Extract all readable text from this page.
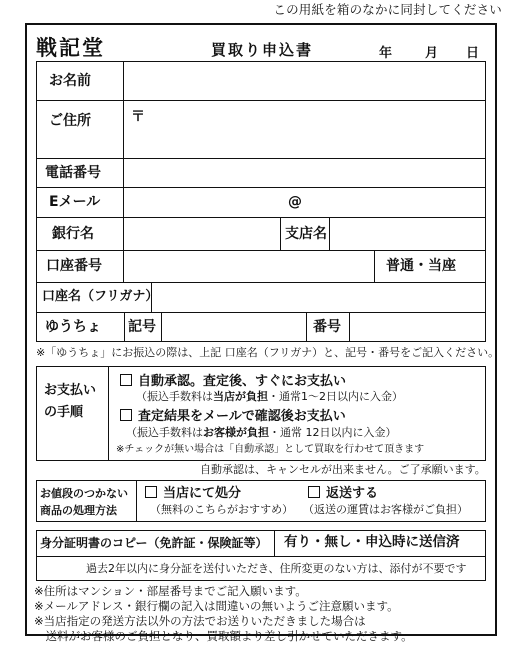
この用紙を箱のなかに同封してください
戦記堂	買取り申込書	年	月 日
お名前
ご住所	〒
電話番号
Eメール	@
銀行名	支店名
口座番号	普通・当座
口座名（フリガナ）
ゆうちょ 記号	番号
※「ゆうちょ」にお振込の際は、上記 口座名（フリガナ）と、記号・番号をご記入ください。
お支払い
の手順
自動承認。査定後、すぐにお支払い
（振込手数料は当店が負担・通常1～2日以内に入金）
査定結果をメールで確認後お支払い
（振込手数料はお客様が負担・通常 12日以内に入金）
※チェックが無い場合は「自動承認」として買取を行わせて頂きます
自動承認は、キャンセルが出来ません。ご了承願います。
お値段のつかない
商品の処理方法
当店にて処分
（無料のこちらがおすすめ）
返送する
（返送の運賃はお客様がご負担）
身分証明書のコピー（免許証・保険証等） 有り・無し・申込時に送信済
過去2年以内に身分証を送付いただき、住所変更のない方は、添付が不要です
※住所はマンション・部屋番号までご記入願います。
※メールアドレス・銀行欄の記入は間違いの無いようご注意願います。
※当店指定の発送方法以外の方法でお送りいただきました場合は
　送料がお客様のご負担となり、買取額より差し引かせていただきます。
